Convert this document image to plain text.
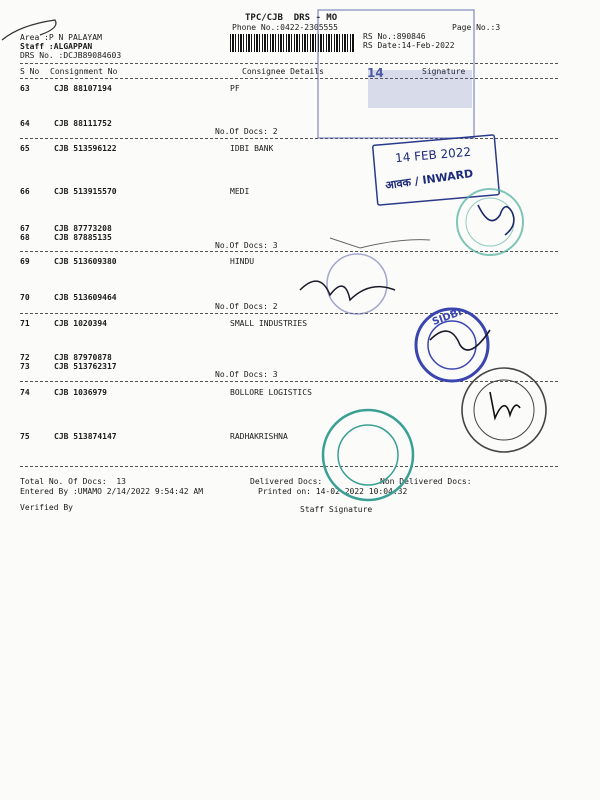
TPC/CJB  DRS - MO
Phone No.:0422-2305555	Page No.:3
Area :P N PALAYAM
Staff :ALGAPPAN
DRS No. :DCJB89084603
RS No.:890846
RS Date:14-Feb-2022
S No Consignment No	Consignee Details	Signature
63	CJB 88107194	PF
64	CJB 88111752
No.Of Docs: 2
65	CJB 513596122	IDBI BANK
66	CJB 513915570	MEDI
67	CJB 87773208
68	CJB 87885135
No.Of Docs: 3
69	CJB 513609380	HINDU
70	CJB 513609464
No.Of Docs: 2
71	CJB 1020394	SMALL INDUSTRIES
72	CJB 87970878
73	CJB 513762317
No.Of Docs: 3
74	CJB 1036979	BOLLORE LOGISTICS
75	CJB 513874147	RADHAKRISHNA
Total No. Of Docs:  13	Delivered Docs:	Non Delivered Docs:
Entered By :UMAMO 2/14/2022 9:54:42 AM	Printed on: 14-02-2022 10:04:32
Verified By	Staff Signature
14 FEB 2022
आवक / INWARD
SIDBI
14
